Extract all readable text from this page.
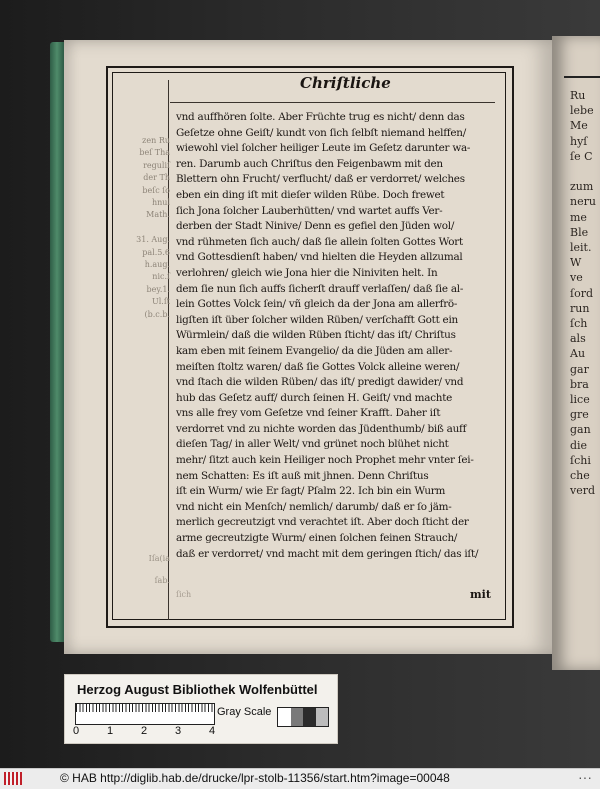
Ru
lebe
Me
hyſ
ſe C

zum
neru
me
Ble
leit.
W
ve
ſord
run
ſch
als
Au
gar
bra
lice
gre
gan
die
ſchi
che
verd
Chriſtliche
zen Ru
beſ Tha
reguliſ
der Th
beſc ſo
hnul
Math.

31. Aug.
pal.5.6
h.aug.
nic.ſ
bey.1.
Ul.ſt
(b.c.b.
Iſa(ia

ſab.
vnd auffhören ſolte. Aber Früchte trug es nicht/ denn das
Geſetze ohne Geiſt/ kundt von ſich ſelbſt niemand helffen/
wiewohl viel ſolcher heiliger Leute im Geſetz darunter wa-
ren. Darumb auch Chriſtus den Feigenbawm mit den
Blettern ohn Frucht/ verflucht/ daß er verdorret/ welches
eben ein ding iſt mit dieſer wilden Rübe. Doch frewet
ſich Jona ſolcher Lauberhütten/ vnd wartet auffs Ver-
derben der Stadt Ninive/ Denn es gefiel den Jüden wol/
vnd rühmeten ſich auch/ daß ſie allein ſolten Gottes Wort
vnd Gottesdienſt haben/ vnd hielten die Heyden allzumal
verlohren/ gleich wie Jona hier die Niniviten helt. In
dem ſie nun ſich auffs ſicherſt drauff verlaſſen/ daß ſie al-
lein Gottes Volck ſein/ vñ gleich da der Jona am allerfrö-
ligſten iſt über ſolcher wilden Rüben/ verſchafft Gott ein
Würmlein/ daß die wilden Rüben ſticht/ das iſt/ Chriſtus
kam eben mit ſeinem Evangelio/ da die Jüden am aller-
meiſten ſtoltz waren/ daß ſie Gottes Volck alleine weren/
vnd ſtach die wilden Rüben/ das iſt/ predigt dawider/ vnd
hub das Geſetz auff/ durch ſeinen H. Geiſt/ vnd machte
vns alle frey vom Geſetze vnd ſeiner Krafft. Daher iſt
verdorret vnd zu nichte worden das Jüdenthumb/ biß auff
dieſen Tag/ in aller Welt/ vnd grünet noch blühet nicht
mehr/ ſitzt auch kein Heiliger noch Prophet mehr vnter ſei-
nem Schatten: Es iſt auß mit jhnen. Denn Chriſtus
iſt ein Wurm/ wie Er ſagt/ Pſalm 22. Ich bin ein Wurm
vnd nicht ein Menſch/ nemlich/ darumb/ daß er ſo jäm-
merlich gecreutzigt vnd verachtet iſt. Aber doch ſticht der
arme gecreutzigte Wurm/ einen ſolchen feinen Strauch/
daß er verdorret/ vnd macht mit dem geringen ſtich/ das iſt/
ſich	mit
Herzog August Bibliothek Wolfenbüttel
0	1	2	3	4
Gray Scale
© HAB http://diglib.hab.de/drucke/lpr-stolb-11356/start.htm?image=00048	···
